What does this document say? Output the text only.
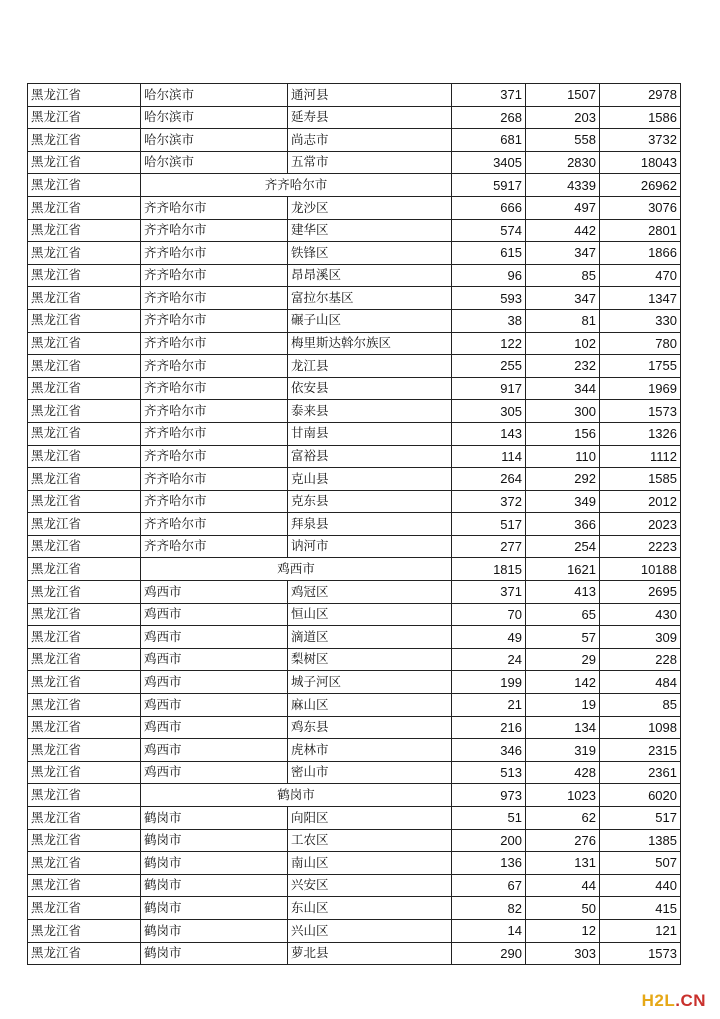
黑龙江省	哈尔滨市	通河县	371	1507	2978
黑龙江省	哈尔滨市	延寿县	268	203	1586
黑龙江省	哈尔滨市	尚志市	681	558	3732
黑龙江省	哈尔滨市	五常市	3405	2830	18043
黑龙江省	齐齐哈尔市		5917	4339	26962
黑龙江省	齐齐哈尔市	龙沙区	666	497	3076
黑龙江省	齐齐哈尔市	建华区	574	442	2801
黑龙江省	齐齐哈尔市	铁锋区	615	347	1866
黑龙江省	齐齐哈尔市	昂昂溪区	96	85	470
黑龙江省	齐齐哈尔市	富拉尔基区	593	347	1347
黑龙江省	齐齐哈尔市	碾子山区	38	81	330
黑龙江省	齐齐哈尔市	梅里斯达斡尔族区	122	102	780
黑龙江省	齐齐哈尔市	龙江县	255	232	1755
黑龙江省	齐齐哈尔市	依安县	917	344	1969
黑龙江省	齐齐哈尔市	泰来县	305	300	1573
黑龙江省	齐齐哈尔市	甘南县	143	156	1326
黑龙江省	齐齐哈尔市	富裕县	114	110	1112
黑龙江省	齐齐哈尔市	克山县	264	292	1585
黑龙江省	齐齐哈尔市	克东县	372	349	2012
黑龙江省	齐齐哈尔市	拜泉县	517	366	2023
黑龙江省	齐齐哈尔市	讷河市	277	254	2223
黑龙江省	鸡西市		1815	1621	10188
黑龙江省	鸡西市	鸡冠区	371	413	2695
黑龙江省	鸡西市	恒山区	70	65	430
黑龙江省	鸡西市	滴道区	49	57	309
黑龙江省	鸡西市	梨树区	24	29	228
黑龙江省	鸡西市	城子河区	199	142	484
黑龙江省	鸡西市	麻山区	21	19	85
黑龙江省	鸡西市	鸡东县	216	134	1098
黑龙江省	鸡西市	虎林市	346	319	2315
黑龙江省	鸡西市	密山市	513	428	2361
黑龙江省	鹤岗市		973	1023	6020
黑龙江省	鹤岗市	向阳区	51	62	517
黑龙江省	鹤岗市	工农区	200	276	1385
黑龙江省	鹤岗市	南山区	136	131	507
黑龙江省	鹤岗市	兴安区	67	44	440
黑龙江省	鹤岗市	东山区	82	50	415
黑龙江省	鹤岗市	兴山区	14	12	121
黑龙江省	鹤岗市	萝北县	290	303	1573
H2L.CN
